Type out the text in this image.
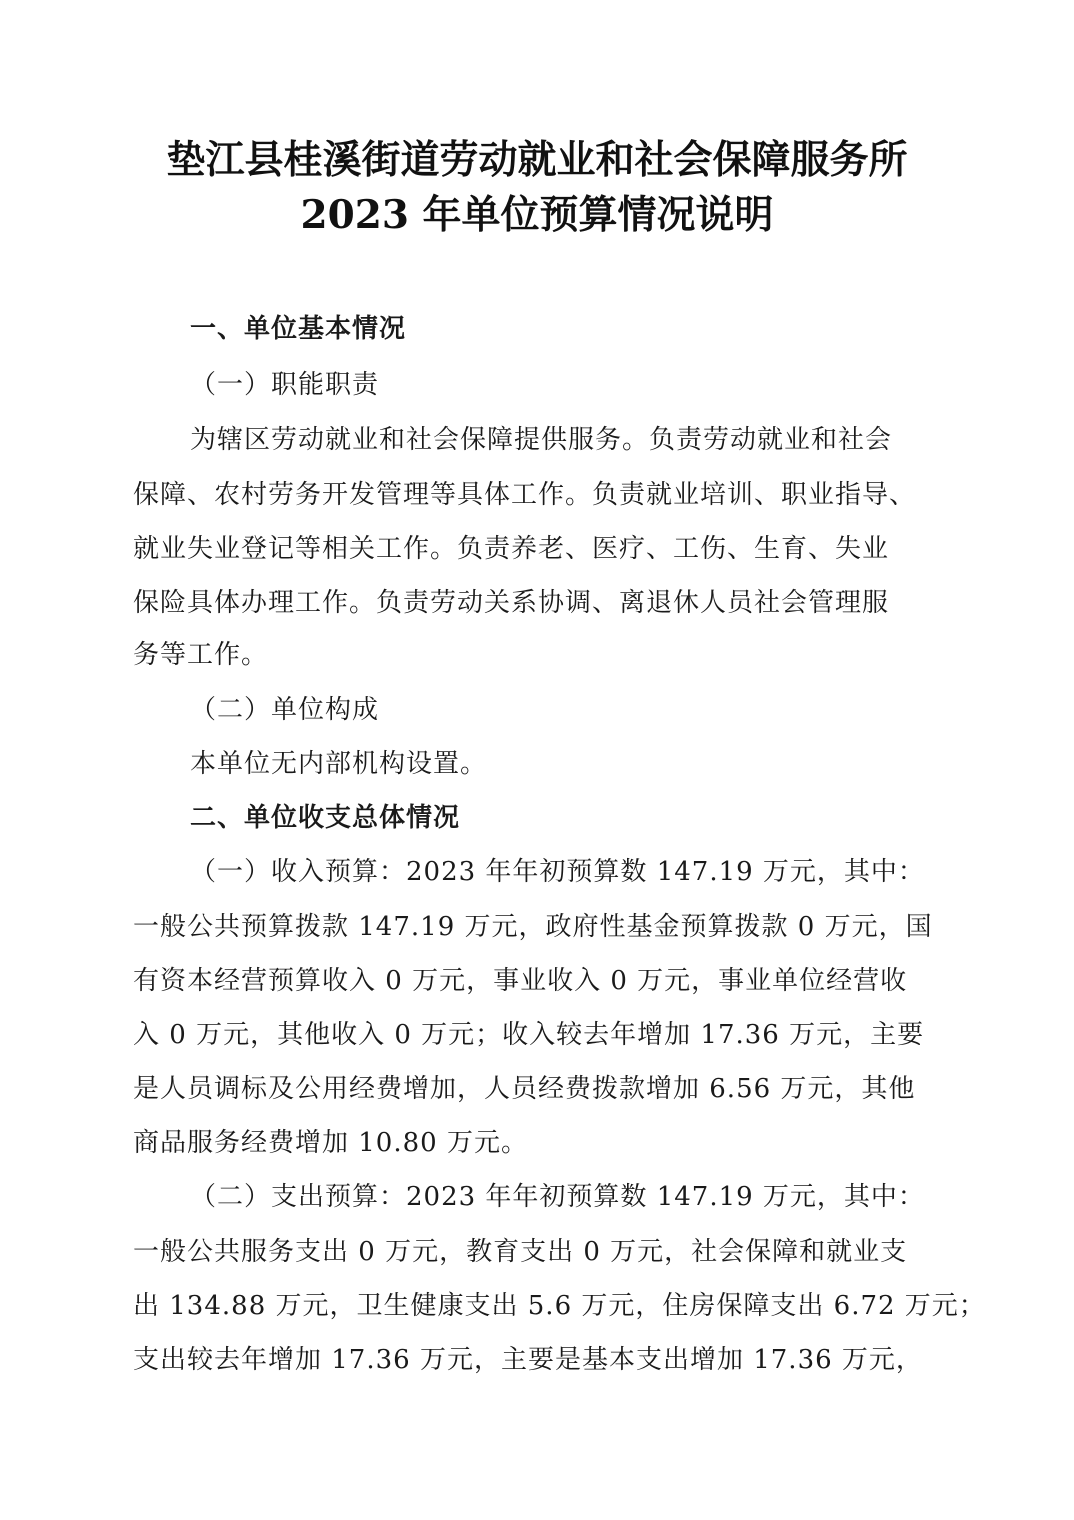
垫江县桂溪街道劳动就业和社会保障服务所
2023 年单位预算情况说明
一、单位基本情况
（一）职能职责
为辖区劳动就业和社会保障提供服务。负责劳动就业和社会
保障、农村劳务开发管理等具体工作。负责就业培训、职业指导、
就业失业登记等相关工作。负责养老、医疗、工伤、生育、失业
保险具体办理工作。负责劳动关系协调、离退休人员社会管理服
务等工作。
（二）单位构成
本单位无内部机构设置。
二、单位收支总体情况
（一）收入预算：2023 年年初预算数 147.19 万元，其中：
一般公共预算拨款 147.19 万元，政府性基金预算拨款 0 万元，国
有资本经营预算收入 0 万元，事业收入 0 万元，事业单位经营收
入 0 万元，其他收入 0 万元；收入较去年增加 17.36 万元，主要
是人员调标及公用经费增加，人员经费拨款增加 6.56 万元，其他
商品服务经费增加 10.80 万元。
（二）支出预算：2023 年年初预算数 147.19 万元，其中：
一般公共服务支出 0 万元，教育支出 0 万元，社会保障和就业支
出 134.88 万元，卫生健康支出 5.6 万元，住房保障支出 6.72 万元；
支出较去年增加 17.36 万元，主要是基本支出增加 17.36 万元，
